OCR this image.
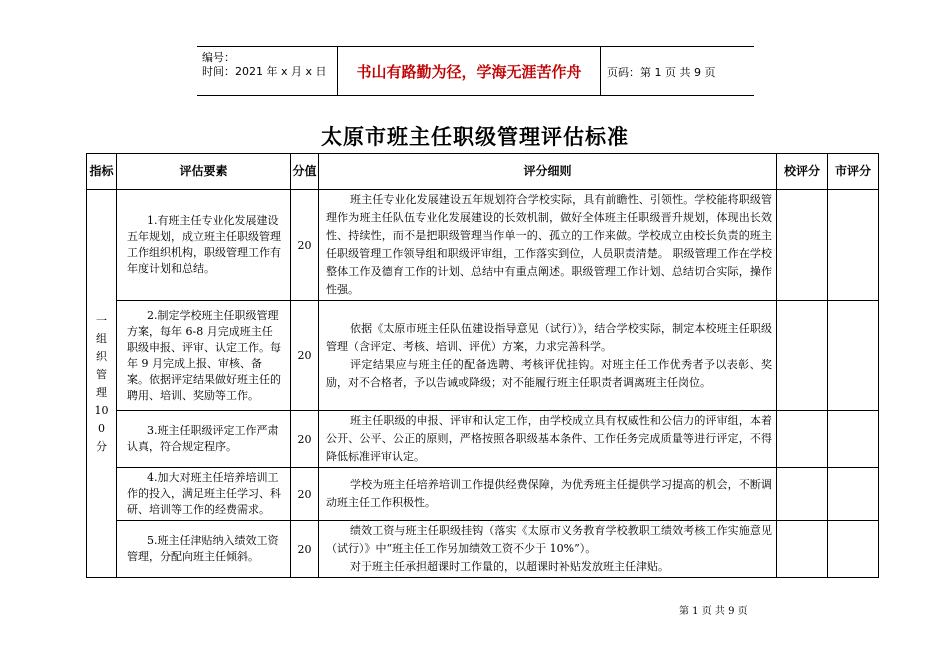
编号：
时间：2021 年 x 月 x 日	书山有路勤为径，学海无涯苦作舟	页码：第 1 页 共 9 页
太原市班主任职级管理评估标准
指标	评估要素	分值	评分细则	校评分	市评分

一组织管理100分	1.有班主任专业化发展建设五年规划，成立班主任职级管理工作组织机构，职级管理工作有年度计划和总结。	20	班主任专业化发展建设五年规划符合学校实际，具有前瞻性、引领性。学校能将职级管理作为班主任队伍专业化发展建设的长效机制，做好全体班主任职级晋升规划，体现出长效性、持续性，而不是把职级管理当作单一的、孤立的工作来做。学校成立由校长负责的班主任职级管理工作领导组和职级评审组，工作落实到位，人员职责清楚。 职级管理工作在学校整体工作及德育工作的计划、总结中有重点阐述。职级管理工作计划、总结切合实际，操作性强。		

	2.制定学校班主任职级管理方案，每年 6-8 月完成班主任职级申报、评审、认定工作。每年 9 月完成上报、审核、备案。依据评定结果做好班主任的聘用、培训、奖励等工作。	20	依据《太原市班主任队伍建设指导意见（试行）》，结合学校实际，制定本校班主任职级管理（含评定、考核、培训、评优）方案，力求完善科学。

评定结果应与班主任的配备选聘、考核评优挂钩。对班主任工作优秀者予以表彰、奖励，对不合格者，予以告诫或降级；对不能履行班主任职责者调离班主任岗位。		

	3.班主任职级评定工作严肃认真，符合规定程序。	20	班主任职级的申报、评审和认定工作，由学校成立具有权威性和公信力的评审组，本着公开、公平、公正的原则，严格按照各职级基本条件、工作任务完成质量等进行评定，不得降低标准评审认定。		

	4.加大对班主任培养培训工作的投入，满足班主任学习、科研、培训等工作的经费需求。	20	学校为班主任培养培训工作提供经费保障，为优秀班主任提供学习提高的机会，不断调动班主任工作积极性。		

	5.班主任津贴纳入绩效工资管理，分配向班主任倾斜。	20	绩效工资与班主任职级挂钩（落实《太原市义务教育学校教职工绩效考核工作实施意见（试行）》中“班主任工作另加绩效工资不少于 10%”）。

对于班主任承担超课时工作量的，以超课时补贴发放班主任津贴。		

第 1 页 共 9 页
